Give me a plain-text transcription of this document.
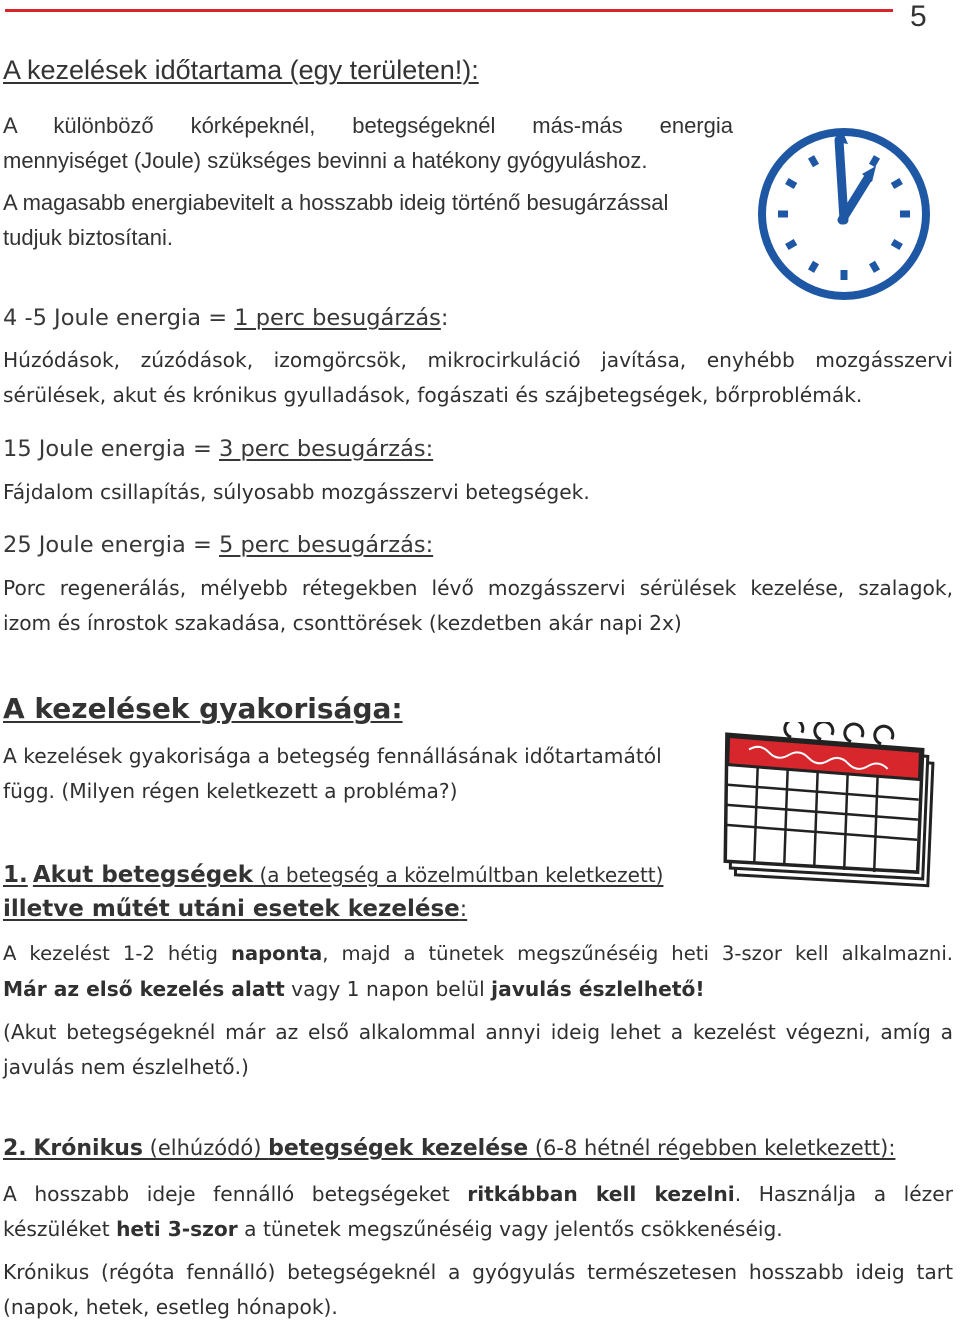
5
A kezelések időtartama (egy területen!):
A különböző kórképeknél, betegségeknél más-más energia
mennyiséget (Joule) szükséges bevinni a hatékony gyógyuláshoz.
A magasabb energiabevitelt a hosszabb ideig történő besugárzással
tudjuk biztosítani.
4 -5 Joule energia = 1 perc besugárzás:
Húzódások, zúzódások, izomgörcsök, mikrocirkuláció javítása, enyhébb mozgásszervi
sérülések, akut és krónikus gyulladások, fogászati és szájbetegségek, bőrproblémák.
15 Joule energia = 3 perc besugárzás:
Fájdalom csillapítás, súlyosabb mozgásszervi betegségek.
25 Joule energia = 5 perc besugárzás:
Porc regenerálás, mélyebb rétegekben lévő mozgásszervi sérülések kezelése, szalagok,
izom és ínrostok szakadása, csonttörések (kezdetben akár napi 2x)
A kezelések gyakorisága:
A kezelések gyakorisága a betegség fennállásának időtartamától
függ. (Milyen régen keletkezett a probléma?)
1. Akut betegségek (a betegség a közelmúltban keletkezett)
illetve műtét utáni esetek kezelése:
A kezelést 1-2 hétig naponta, majd a tünetek megszűnéséig heti 3-szor kell alkalmazni.
Már az első kezelés alatt vagy 1 napon belül javulás észlelhető!
(Akut betegségeknél már az első alkalommal annyi ideig lehet a kezelést végezni, amíg a
javulás nem észlelhető.)
2. Krónikus (elhúzódó) betegségek kezelése (6-8 hétnél régebben keletkezett):
A hosszabb ideje fennálló betegségeket ritkábban kell kezelni. Használja a lézer
készüléket heti 3-szor a tünetek megszűnéséig vagy jelentős csökkenéséig.
Krónikus (régóta fennálló) betegségeknél a gyógyulás természetesen hosszabb ideig tart
(napok, hetek, esetleg hónapok).
